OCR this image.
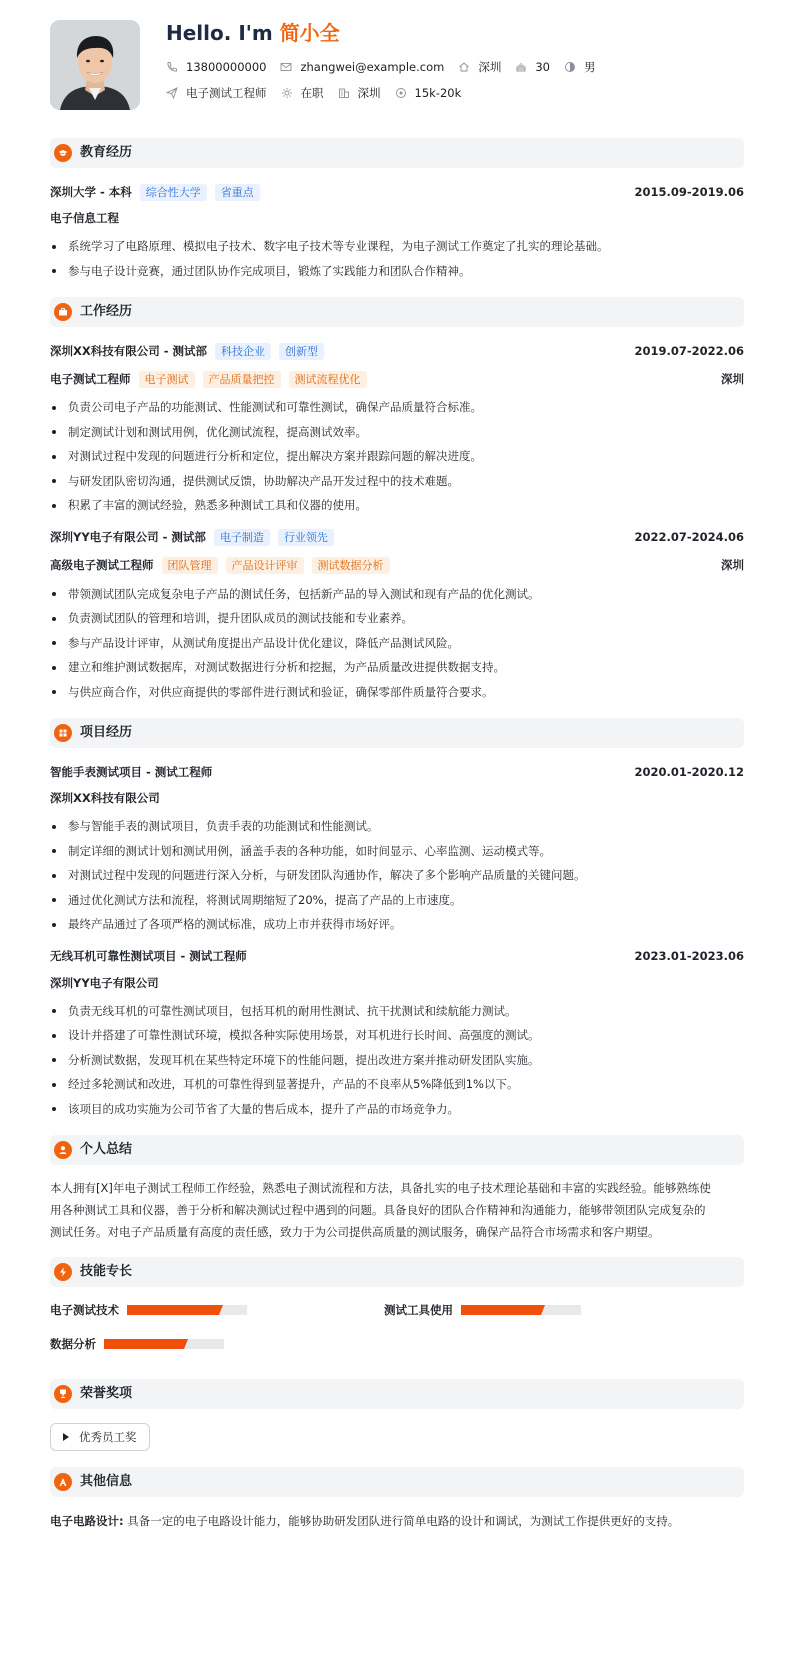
Hello. I'm 简小全
13800000000	zhangwei@example.com	深圳	30	男
电子测试工程师	在职	深圳	15k-20k
教育经历
深圳大学 - 本科	综合性大学	省重点	2015.09-2019.06
电子信息工程
系统学习了电路原理、模拟电子技术、数字电子技术等专业课程，为电子测试工作奠定了扎实的理论基础。
参与电子设计竞赛，通过团队协作完成项目，锻炼了实践能力和团队合作精神。
工作经历
深圳XX科技有限公司 - 测试部	科技企业	创新型	2019.07-2022.06
电子测试工程师	电子测试	产品质量把控	测试流程优化	深圳
负责公司电子产品的功能测试、性能测试和可靠性测试，确保产品质量符合标准。
制定测试计划和测试用例，优化测试流程，提高测试效率。
对测试过程中发现的问题进行分析和定位，提出解决方案并跟踪问题的解决进度。
与研发团队密切沟通，提供测试反馈，协助解决产品开发过程中的技术难题。
积累了丰富的测试经验，熟悉多种测试工具和仪器的使用。
深圳YY电子有限公司 - 测试部	电子制造	行业领先	2022.07-2024.06
高级电子测试工程师	团队管理	产品设计评审	测试数据分析	深圳
带领测试团队完成复杂电子产品的测试任务，包括新产品的导入测试和现有产品的优化测试。
负责测试团队的管理和培训，提升团队成员的测试技能和专业素养。
参与产品设计评审，从测试角度提出产品设计优化建议，降低产品测试风险。
建立和维护测试数据库，对测试数据进行分析和挖掘，为产品质量改进提供数据支持。
与供应商合作，对供应商提供的零部件进行测试和验证，确保零部件质量符合要求。
项目经历
智能手表测试项目 - 测试工程师	2020.01-2020.12
深圳XX科技有限公司
参与智能手表的测试项目，负责手表的功能测试和性能测试。
制定详细的测试计划和测试用例，涵盖手表的各种功能，如时间显示、心率监测、运动模式等。
对测试过程中发现的问题进行深入分析，与研发团队沟通协作，解决了多个影响产品质量的关键问题。
通过优化测试方法和流程，将测试周期缩短了20%，提高了产品的上市速度。
最终产品通过了各项严格的测试标准，成功上市并获得市场好评。
无线耳机可靠性测试项目 - 测试工程师	2023.01-2023.06
深圳YY电子有限公司
负责无线耳机的可靠性测试项目，包括耳机的耐用性测试、抗干扰测试和续航能力测试。
设计并搭建了可靠性测试环境，模拟各种实际使用场景，对耳机进行长时间、高强度的测试。
分析测试数据，发现耳机在某些特定环境下的性能问题，提出改进方案并推动研发团队实施。
经过多轮测试和改进，耳机的可靠性得到显著提升，产品的不良率从5%降低到1%以下。
该项目的成功实施为公司节省了大量的售后成本，提升了产品的市场竞争力。
个人总结
本人拥有[X]年电子测试工程师工作经验，熟悉电子测试流程和方法，具备扎实的电子技术理论基础和丰富的实践经验。能够熟练使
用各种测试工具和仪器，善于分析和解决测试过程中遇到的问题。具备良好的团队合作精神和沟通能力，能够带领团队完成复杂的
测试任务。对电子产品质量有高度的责任感，致力于为公司提供高质量的测试服务，确保产品符合市场需求和客户期望。
技能专长
电子测试技术	测试工具使用
数据分析
荣誉奖项
优秀员工奖
其他信息
电子电路设计: 具备一定的电子电路设计能力，能够协助研发团队进行简单电路的设计和调试，为测试工作提供更好的支持。
